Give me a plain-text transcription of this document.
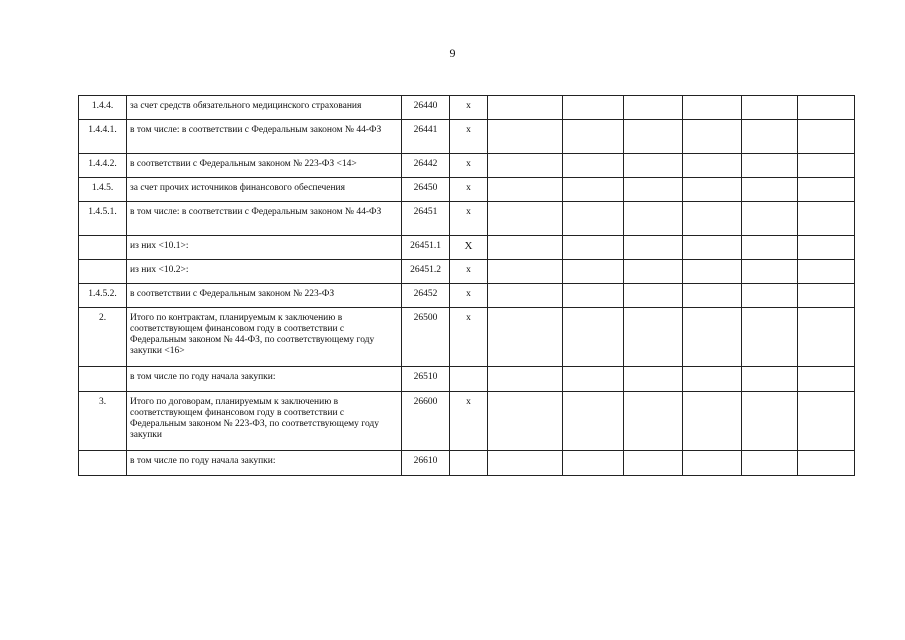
9
1.4.4.	за счет средств обязательного медицинского страхования	26440	x						
1.4.4.1.	в том числе: в соответствии с Федеральным законом № 44-ФЗ	26441	x						
1.4.4.2.	в соответствии с Федеральным законом № 223-ФЗ <14>	26442	x						
1.4.5.	за счет прочих источников финансового обеспечения	26450	x						
1.4.5.1.	в том числе: в соответствии с Федеральным законом № 44-ФЗ	26451	x						
	из них <10.1>:	26451.1	X						
	из них <10.2>:	26451.2	x						
1.4.5.2.	в соответствии с Федеральным законом № 223-ФЗ	26452	x						
2.	Итого по контрактам, планируемым к заключению в соответствующем финансовом году в соответствии с Федеральным законом № 44-ФЗ, по соответствующему году закупки <16>	26500	x						
	в том числе по году начала закупки:	26510							
3.	Итого по договорам, планируемым к заключению в соответствующем финансовом году в соответствии с Федеральным законом № 223-ФЗ, по соответствующему году закупки	26600	x						
	в том числе по году начала закупки:	26610							
